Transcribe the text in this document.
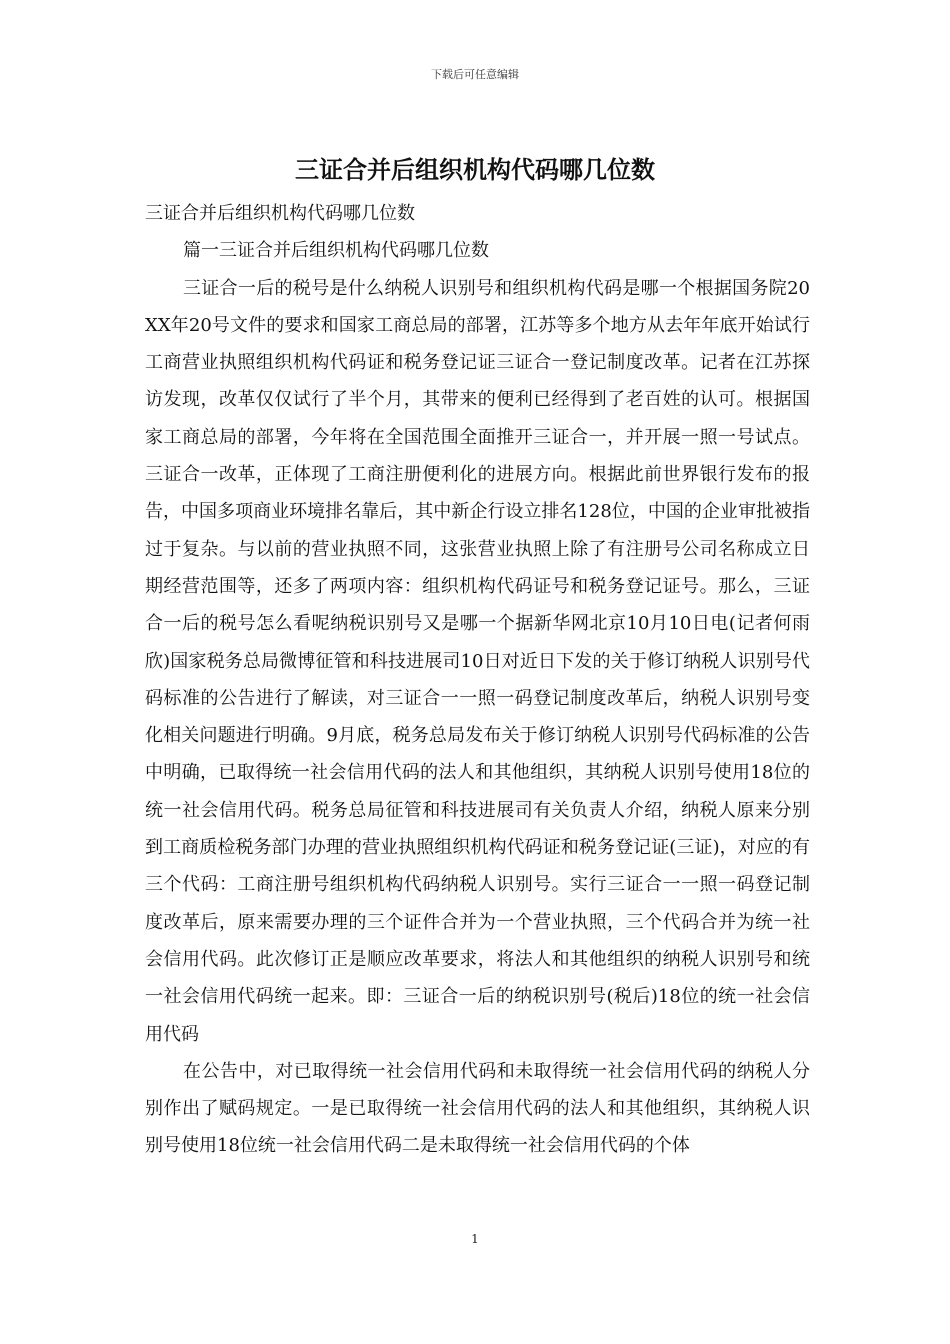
下载后可任意编辑
三证合并后组织机构代码哪几位数

三证合并后组织机构代码哪几位数

篇一三证合并后组织机构代码哪几位数

三证合一后的税号是什么纳税人识别号和组织机构代码是哪一个根据国务院20XX年20号文件的要求和国家工商总局的部署，江苏等多个地方从去年年底开始试行工商营业执照组织机构代码证和税务登记证三证合一登记制度改革。记者在江苏探访发现，改革仅仅试行了半个月，其带来的便利已经得到了老百姓的认可。根据国家工商总局的部署，今年将在全国范围全面推开三证合一，并开展一照一号试点。三证合一改革，正体现了工商注册便利化的进展方向。根据此前世界银行发布的报告，中国多项商业环境排名靠后，其中新企行设立排名128位，中国的企业审批被指过于复杂。与以前的营业执照不同，这张营业执照上除了有注册号公司名称成立日期经营范围等，还多了两项内容：组织机构代码证号和税务登记证号。那么，三证合一后的税号怎么看呢纳税识别号又是哪一个据新华网北京10月10日电(记者何雨欣)国家税务总局微博征管和科技进展司10日对近日下发的关于修订纳税人识别号代码标准的公告进行了解读，对三证合一一照一码登记制度改革后，纳税人识别号变化相关问题进行明确。9月底，税务总局发布关于修订纳税人识别号代码标准的公告中明确，已取得统一社会信用代码的法人和其他组织，其纳税人识别号使用18位的统一社会信用代码。税务总局征管和科技进展司有关负责人介绍，纳税人原来分别到工商质检税务部门办理的营业执照组织机构代码证和税务登记证(三证)，对应的有三个代码：工商注册号组织机构代码纳税人识别号。实行三证合一一照一码登记制度改革后，原来需要办理的三个证件合并为一个营业执照，三个代码合并为统一社会信用代码。此次修订正是顺应改革要求，将法人和其他组织的纳税人识别号和统一社会信用代码统一起来。即：三证合一后的纳税识别号(税后)18位的统一社会信用代码

在公告中，对已取得统一社会信用代码和未取得统一社会信用代码的纳税人分别作出了赋码规定。一是已取得统一社会信用代码的法人和其他组织，其纳税人识别号使用18位统一社会信用代码二是未取得统一社会信用代码的个体

1
